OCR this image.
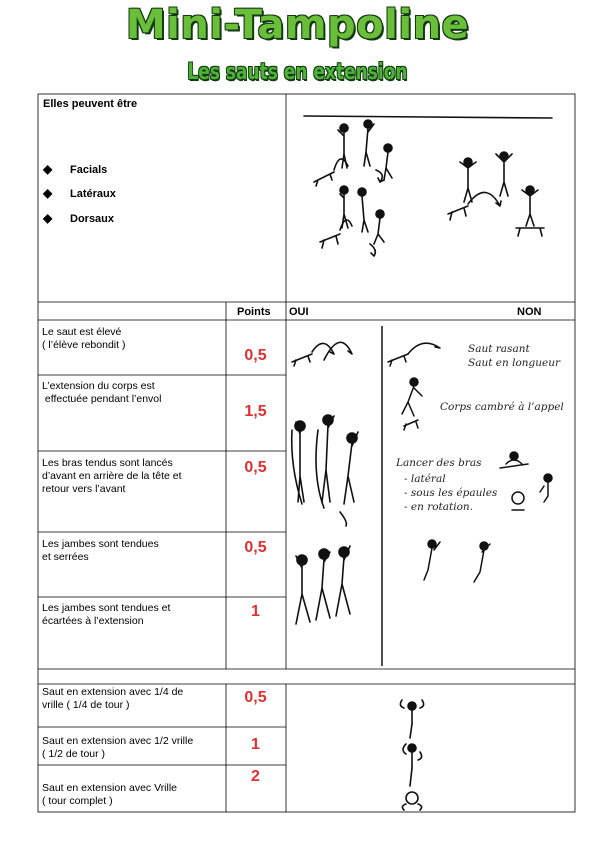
Mini-Tampoline
Les sauts en extension
Elles peuvent être
◆ Facials
◆ Latéraux
◆ Dorsaux
Points OUI	NON
Le saut est élevé
( l’élève rebondit )
0,5
L’extension du corps est
effectuée pendant l’envol
1,5
Les bras tendus sont lancés
d’avant en arrière de la tête et
retour vers l’avant
0,5
Les jambes sont tendues
et serrées
0,5
Les jambes sont tendues et
écartées à l’extension
1
Saut en extension avec 1/4 de
vrille ( 1/4 de tour )	0,5
Saut en extension avec 1/2 vrille
( 1/2 de tour )
1
Saut en extension avec Vrille
( tour complet )
2
Saut rasant
Saut en longueur
Corps cambré à l’appel
Lancer des bras
- latéral
- sous les épaules
- en rotation.
